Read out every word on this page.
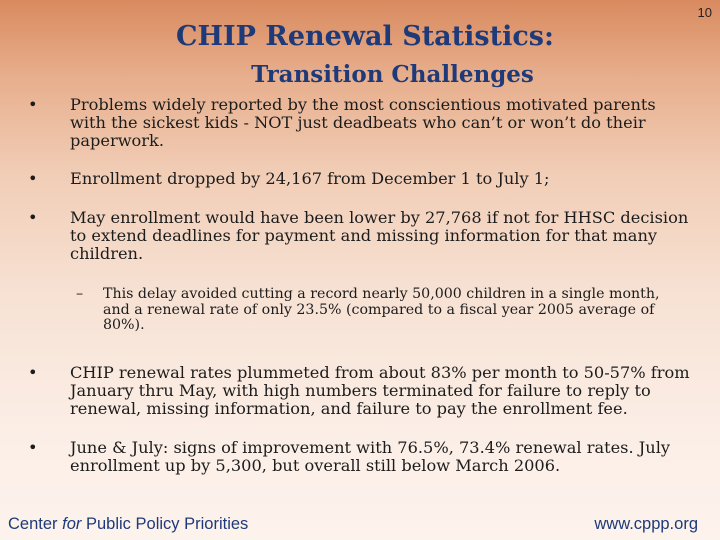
10
CHIP Renewal Statistics:
Transition Challenges
• Problems widely reported by the most conscientious motivated parents with the sickest kids - NOT just deadbeats who can’t or won’t do their paperwork.
• Enrollment dropped by 24,167 from December 1 to July 1;
• May enrollment would have been lower by 27,768 if not for HHSC decision to extend deadlines for payment and missing information for that many children.
– This delay avoided cutting a record nearly 50,000 children in a single month, and a renewal rate of only 23.5% (compared to a fiscal year 2005 average of 80%).
• CHIP renewal rates plummeted from about 83% per month to 50-57% from January thru May, with high numbers terminated for failure to reply to renewal, missing information, and failure to pay the enrollment fee.
• June & July: signs of improvement with 76.5%, 73.4% renewal rates. July enrollment up by 5,300, but overall still below March 2006.
Center for Public Policy Priorities	www.cppp.org
